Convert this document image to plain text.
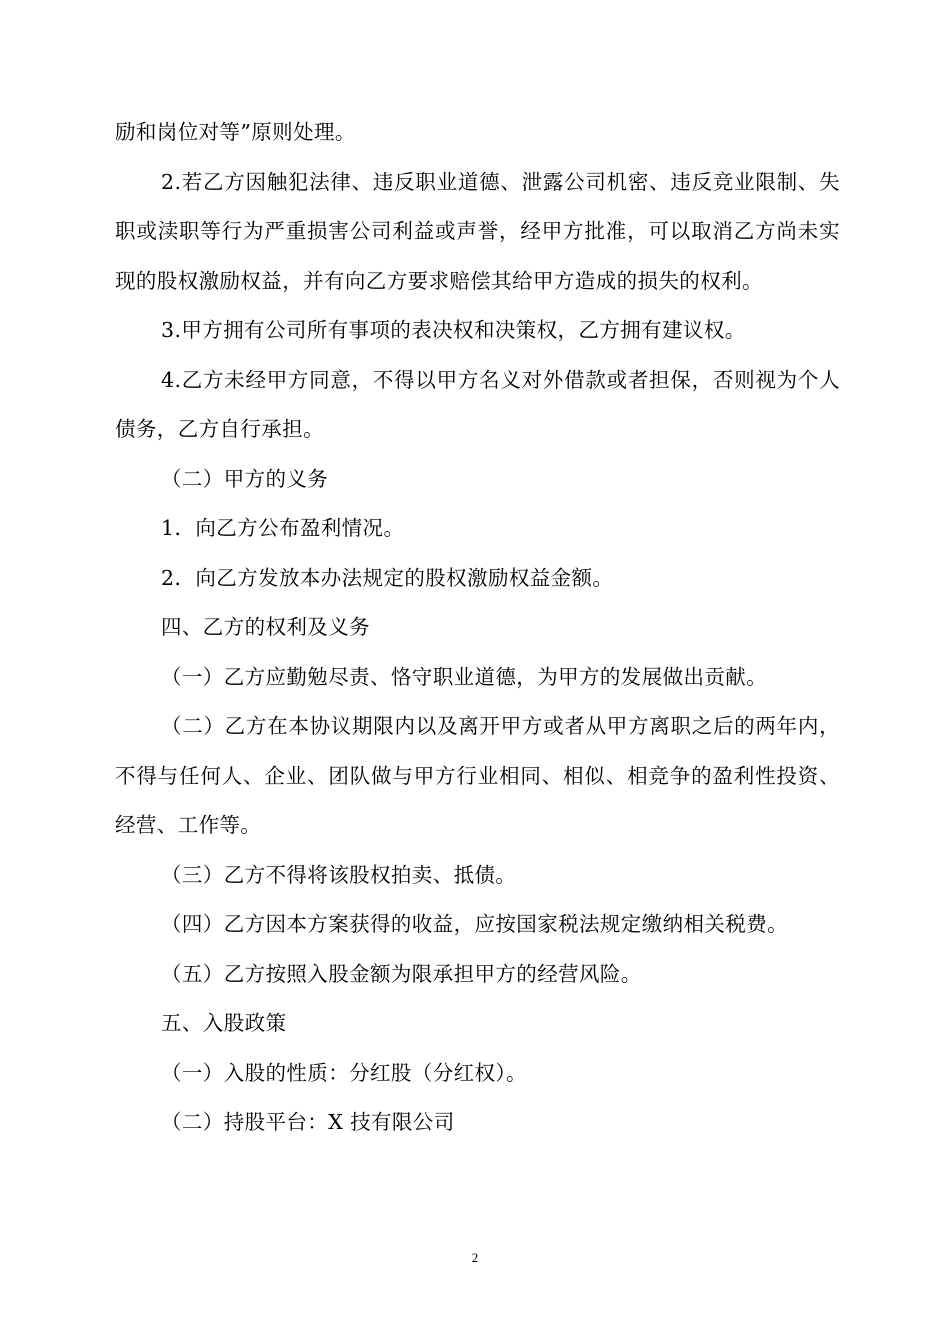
励和岗位对等”原则处理。

2.若乙方因触犯法律、违反职业道德、泄露公司机密、违反竞业限制、失职或渎职等行为严重损害公司利益或声誉，经甲方批准，可以取消乙方尚未实现的股权激励权益，并有向乙方要求赔偿其给甲方造成的损失的权利。

3.甲方拥有公司所有事项的表决权和决策权，乙方拥有建议权。

4.乙方未经甲方同意，不得以甲方名义对外借款或者担保，否则视为个人债务，乙方自行承担。

（二）甲方的义务

1．向乙方公布盈利情况。

2．向乙方发放本办法规定的股权激励权益金额。

四、乙方的权利及义务

（一）乙方应勤勉尽责、恪守职业道德，为甲方的发展做出贡献。

（二）乙方在本协议期限内以及离开甲方或者从甲方离职之后的两年内，不得与任何人、企业、团队做与甲方行业相同、相似、相竞争的盈利性投资、经营、工作等。

（三）乙方不得将该股权拍卖、抵债。

（四）乙方因本方案获得的收益，应按国家税法规定缴纳相关税费。

（五）乙方按照入股金额为限承担甲方的经营风险。

五、入股政策

（一）入股的性质：分红股（分红权）。

（二）持股平台：X 技有限公司

2
